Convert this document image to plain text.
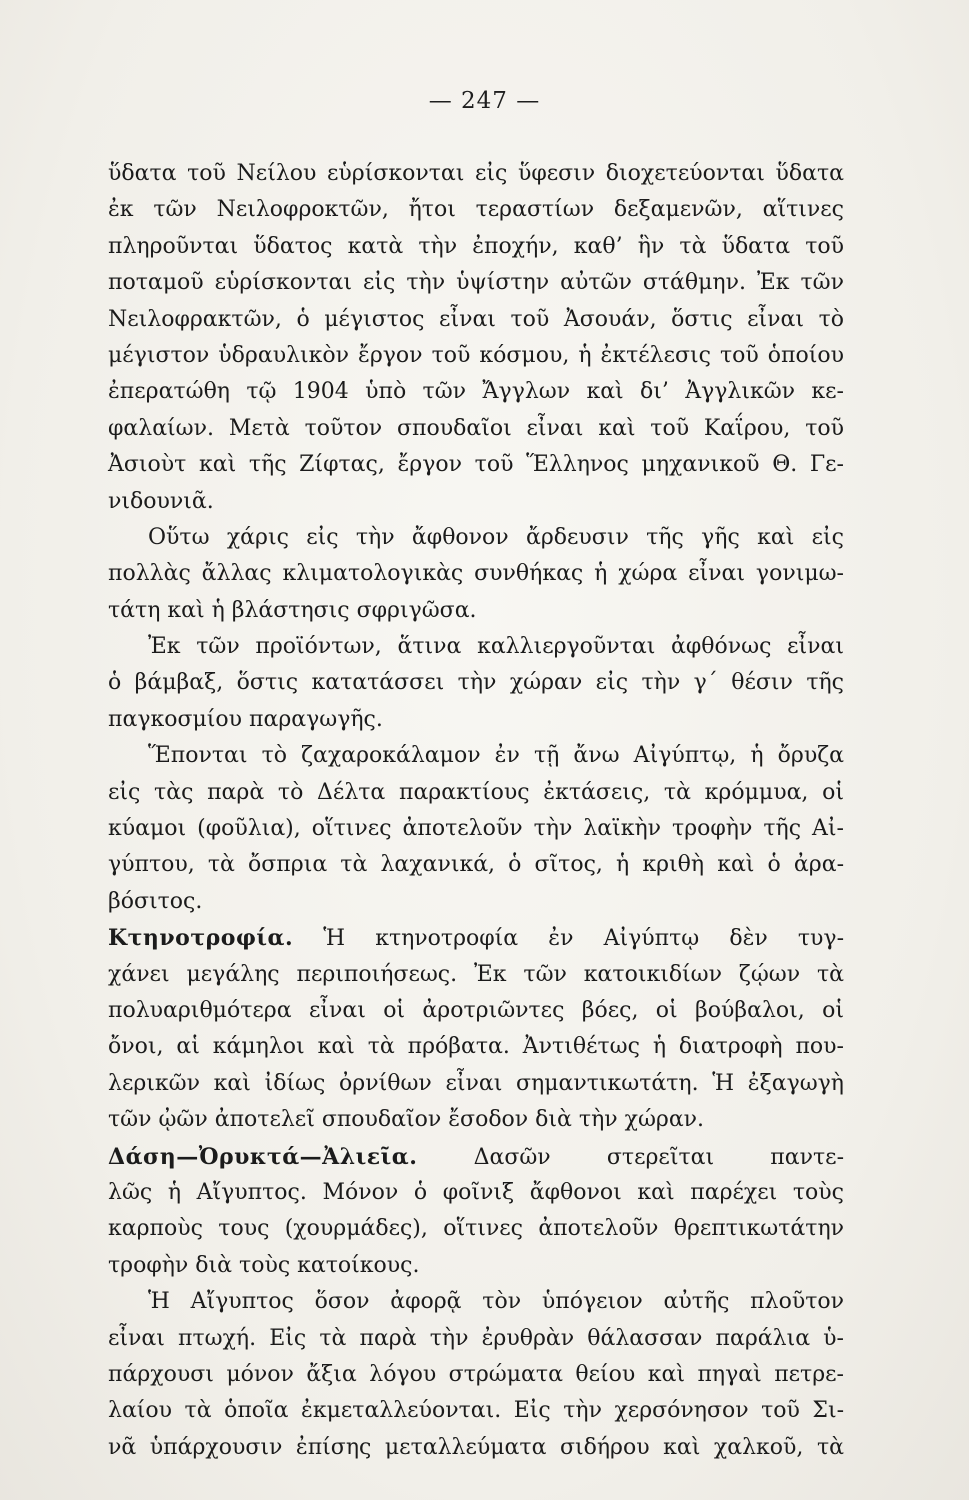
— 247 —
ὕδατα τοῦ Νείλου εὑρίσκονται εἰς ὕφεσιν διοχετεύονται ὕδατα
ἐκ τῶν Νειλοφροκτῶν, ἤτοι τεραστίων δεξαμενῶν, αἵτινες
πληροῦνται ὕδατος κατὰ τὴν ἐποχήν, καθ’ ἣν τὰ ὕδατα τοῦ
ποταμοῦ εὑρίσκονται εἰς τὴν ὑψίστην αὐτῶν στάθμην. Ἐκ τῶν
Νειλοφρακτῶν, ὁ μέγιστος εἶναι τοῦ Ἀσουάν, ὅστις εἶναι τὸ
μέγιστον ὑδραυλικὸν ἔργον τοῦ κόσμου, ἡ ἐκτέλεσις τοῦ ὁποίου
ἐπερατώθη τῷ 1904 ὑπὸ τῶν Ἄγγλων καὶ δι’ Ἀγγλικῶν κε-
φαλαίων. Μετὰ τοῦτον σπουδαῖοι εἶναι καὶ τοῦ Καΐρου, τοῦ
Ἀσιοὺτ καὶ τῆς Ζίφτας, ἔργον τοῦ Ἕλληνος μηχανικοῦ Θ. Γε-
νιδουνιᾶ.
Οὕτω χάρις εἰς τὴν ἄφθονον ἄρδευσιν τῆς γῆς καὶ εἰς
πολλὰς ἄλλας κλιματολογικὰς συνθήκας ἡ χώρα εἶναι γονιμω-
τάτη καὶ ἡ βλάστησις σφριγῶσα.
Ἐκ τῶν προϊόντων, ἅτινα καλλιεργοῦνται ἀφθόνως εἶναι
ὁ βάμβαξ, ὅστις κατατάσσει τὴν χώραν εἰς τὴν γ΄ θέσιν τῆς
παγκοσμίου παραγωγῆς.
Ἕπονται τὸ ζαχαροκάλαμον ἐν τῇ ἄνω Αἰγύπτῳ, ἡ ὄρυζα
εἰς τὰς παρὰ τὸ Δέλτα παρακτίους ἐκτάσεις, τὰ κρόμμυα, οἱ
κύαμοι (φοῦλια), οἵτινες ἀποτελοῦν τὴν λαϊκὴν τροφὴν τῆς Αἰ-
γύπτου, τὰ ὄσπρια τὰ λαχανικά, ὁ σῖτος, ἡ κριθὴ καὶ ὁ ἀρα-
βόσιτος.
Κτηνοτροφία. Ἡ κτηνοτροφία ἐν Αἰγύπτῳ δὲν τυγ-
χάνει μεγάλης περιποιήσεως. Ἐκ τῶν κατοικιδίων ζῴων τὰ
πολυαριθμότερα εἶναι οἱ ἀροτριῶντες βόες, οἱ βούβαλοι, οἱ
ὄνοι, αἱ κάμηλοι καὶ τὰ πρόβατα. Ἀντιθέτως ἡ διατροφὴ που-
λερικῶν καὶ ἰδίως ὀρνίθων εἶναι σημαντικωτάτη. Ἡ ἐξαγωγὴ
τῶν ᾠῶν ἀποτελεῖ σπουδαῖον ἔσοδον διὰ τὴν χώραν.
Δάση—Ὀρυκτά—Ἀλιεῖα.	Δασῶν στερεῖται παντε-
λῶς ἡ Αἴγυπτος. Μόνον ὁ φοῖνιξ ἄφθονοι καὶ παρέχει τοὺς
καρποὺς τους (χουρμάδες), οἵτινες ἀποτελοῦν θρεπτικωτάτην
τροφὴν διὰ τοὺς κατοίκους.
Ἡ Αἴγυπτος ὅσον ἀφορᾷ τὸν ὑπόγειον αὐτῆς πλοῦτον
εἶναι πτωχή. Εἰς τὰ παρὰ τὴν ἐρυθρὰν θάλασσαν παράλια ὑ-
πάρχουσι μόνον ἄξια λόγου στρώματα θείου καὶ πηγαὶ πετρε-
λαίου τὰ ὁποῖα ἐκμεταλλεύονται. Εἰς τὴν χερσόνησον τοῦ Σι-
νᾶ ὑπάρχουσιν ἐπίσης μεταλλεύματα σιδήρου καὶ χαλκοῦ, τὰ
